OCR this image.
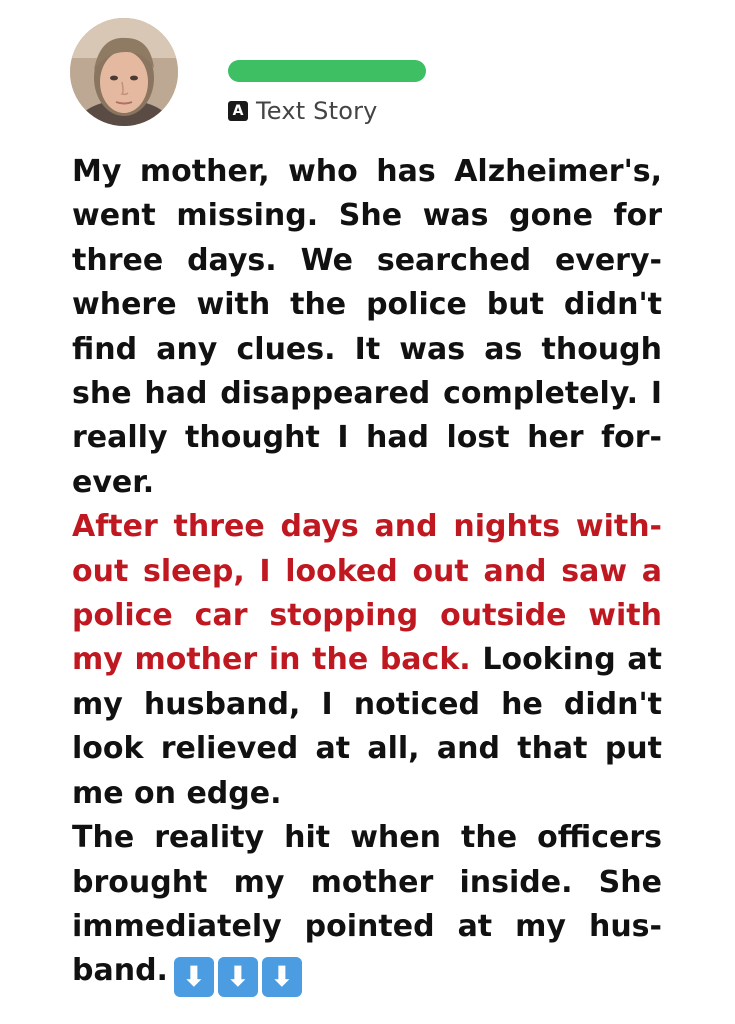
A Text Story

My mother, who has Alzheimer's, went missing. She was gone for three days. We searched everywhere with the police but didn't find any clues. It was as though she had disappeared completely. I really thought I had lost her forever.

After three days and nights without sleep, I looked out and saw a police car stopping outside with my mother in the back. Looking at my husband, I noticed he didn't look relieved at all, and that put me on edge.

The reality hit when the officers brought my mother inside. She immediately pointed at my husband. ⬇ ⬇ ⬇
